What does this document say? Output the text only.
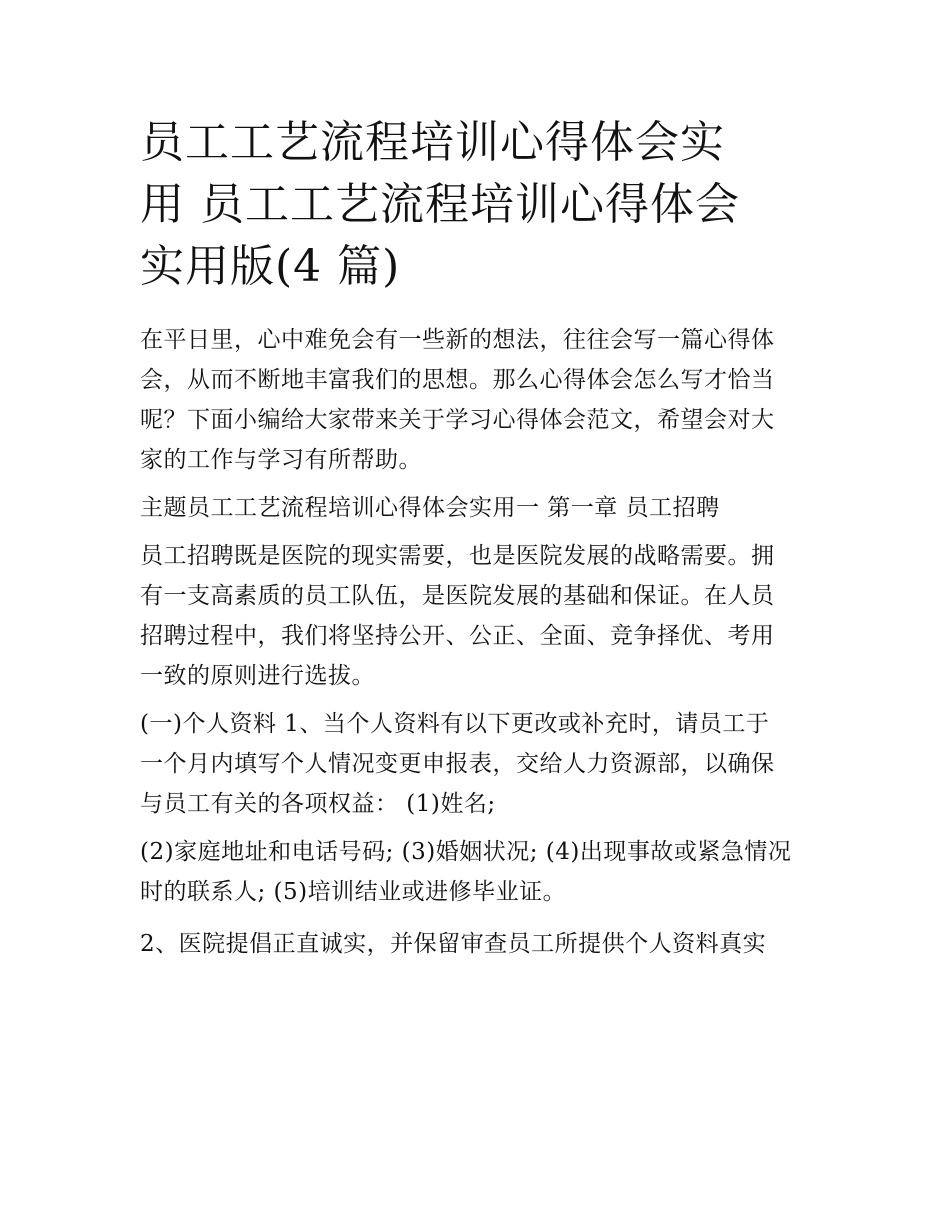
员工工艺流程培训心得体会实
用 员工工艺流程培训心得体会
实用版(4 篇)

在平日里，心中难免会有一些新的想法，往往会写一篇心得体
会，从而不断地丰富我们的思想。那么心得体会怎么写才恰当
呢？下面小编给大家带来关于学习心得体会范文，希望会对大
家的工作与学习有所帮助。

主题员工工艺流程培训心得体会实用一 第一章 员工招聘

员工招聘既是医院的现实需要，也是医院发展的战略需要。拥
有一支高素质的员工队伍，是医院发展的基础和保证。在人员
招聘过程中，我们将坚持公开、公正、全面、竞争择优、考用
一致的原则进行选拔。

(一)个人资料 1、当个人资料有以下更改或补充时，请员工于
一个月内填写个人情况变更申报表，交给人力资源部，以确保
与员工有关的各项权益： (1)姓名;

(2)家庭地址和电话号码; (3)婚姻状况; (4)出现事故或紧急情况
时的联系人; (5)培训结业或进修毕业证。

2、医院提倡正直诚实，并保留审查员工所提供个人资料真实
